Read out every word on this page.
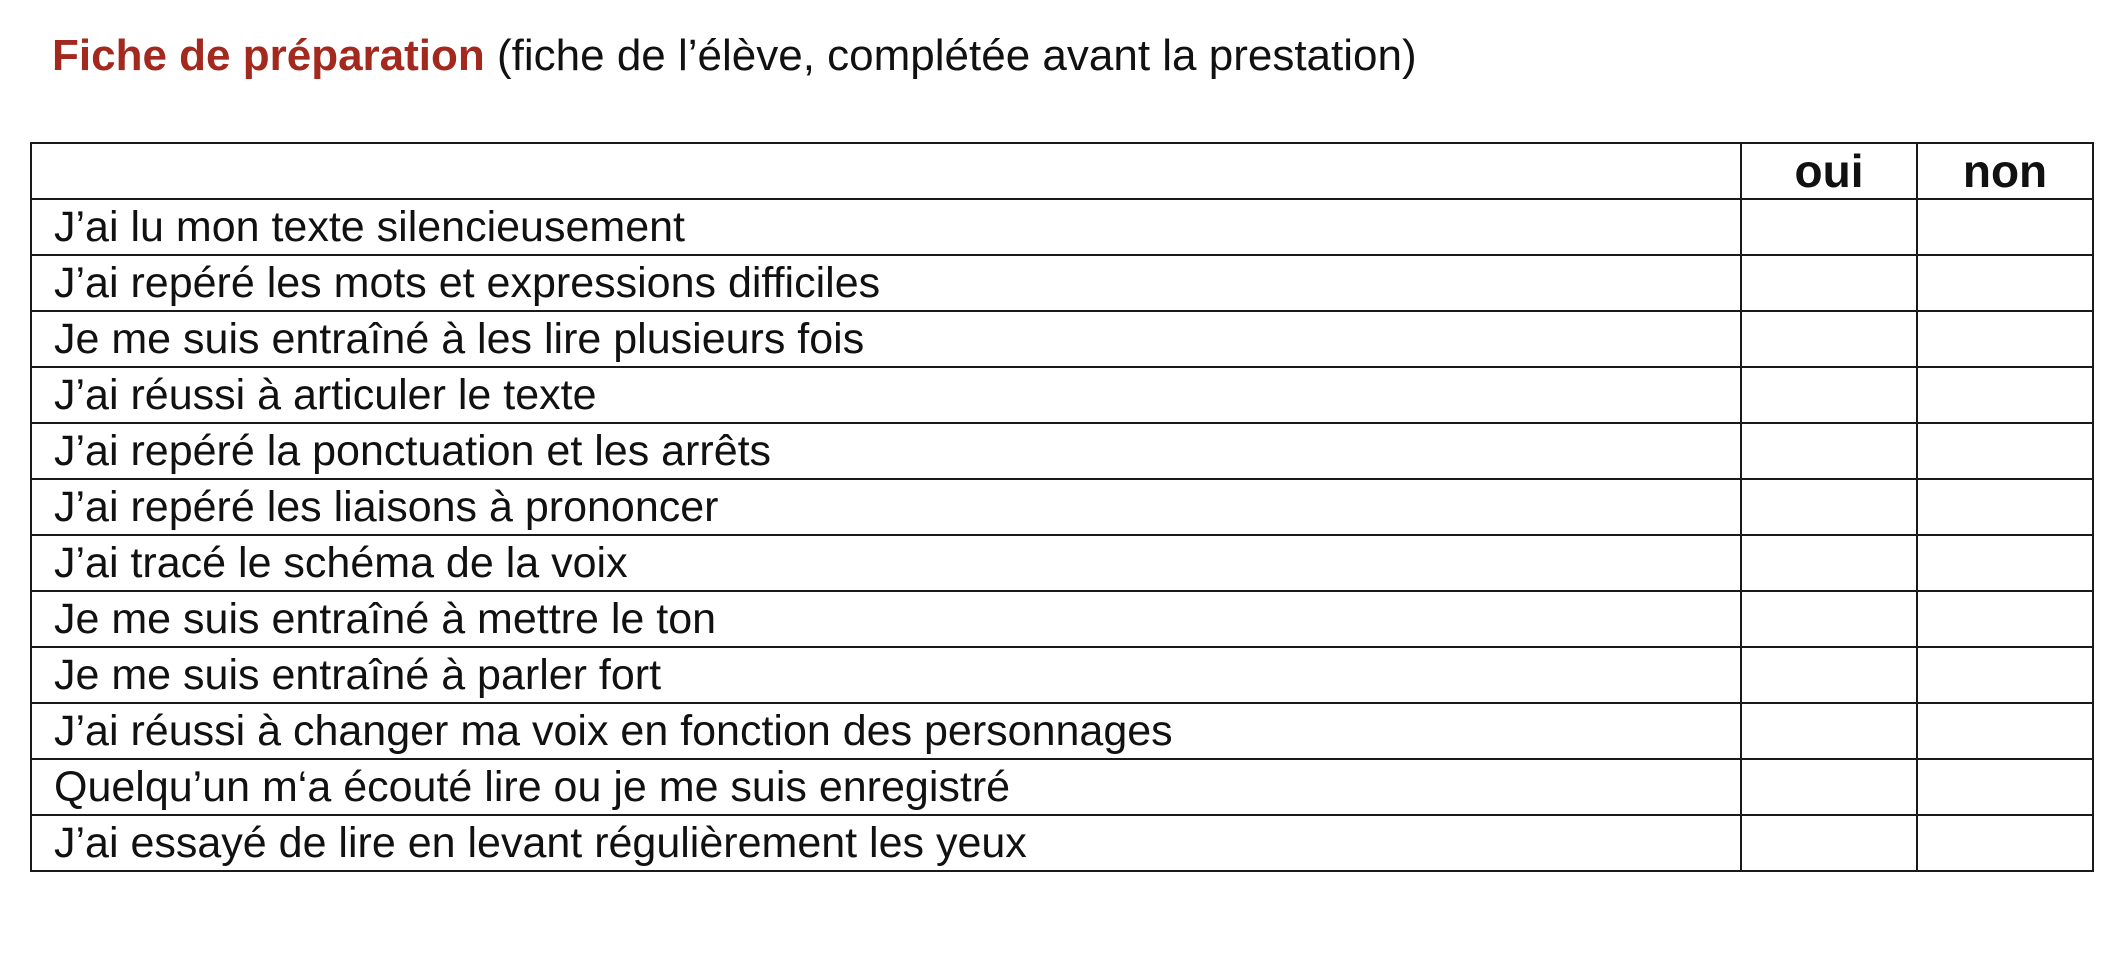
Fiche de préparation (fiche de l’élève, complétée avant la prestation)
	oui	non
J’ai lu mon texte silencieusement		
J’ai repéré les mots et expressions difficiles		
Je me suis entraîné à les lire plusieurs fois		
J’ai réussi à articuler le texte		
J’ai repéré la ponctuation et les arrêts		
J’ai repéré les liaisons à prononcer		
J’ai tracé le schéma de la voix		
Je me suis entraîné à mettre le ton		
Je me suis entraîné à parler fort		
J’ai réussi à changer ma voix en fonction des personnages		
Quelqu’un m‘a écouté lire ou je me suis enregistré		
J’ai essayé de lire en levant régulièrement les yeux		
